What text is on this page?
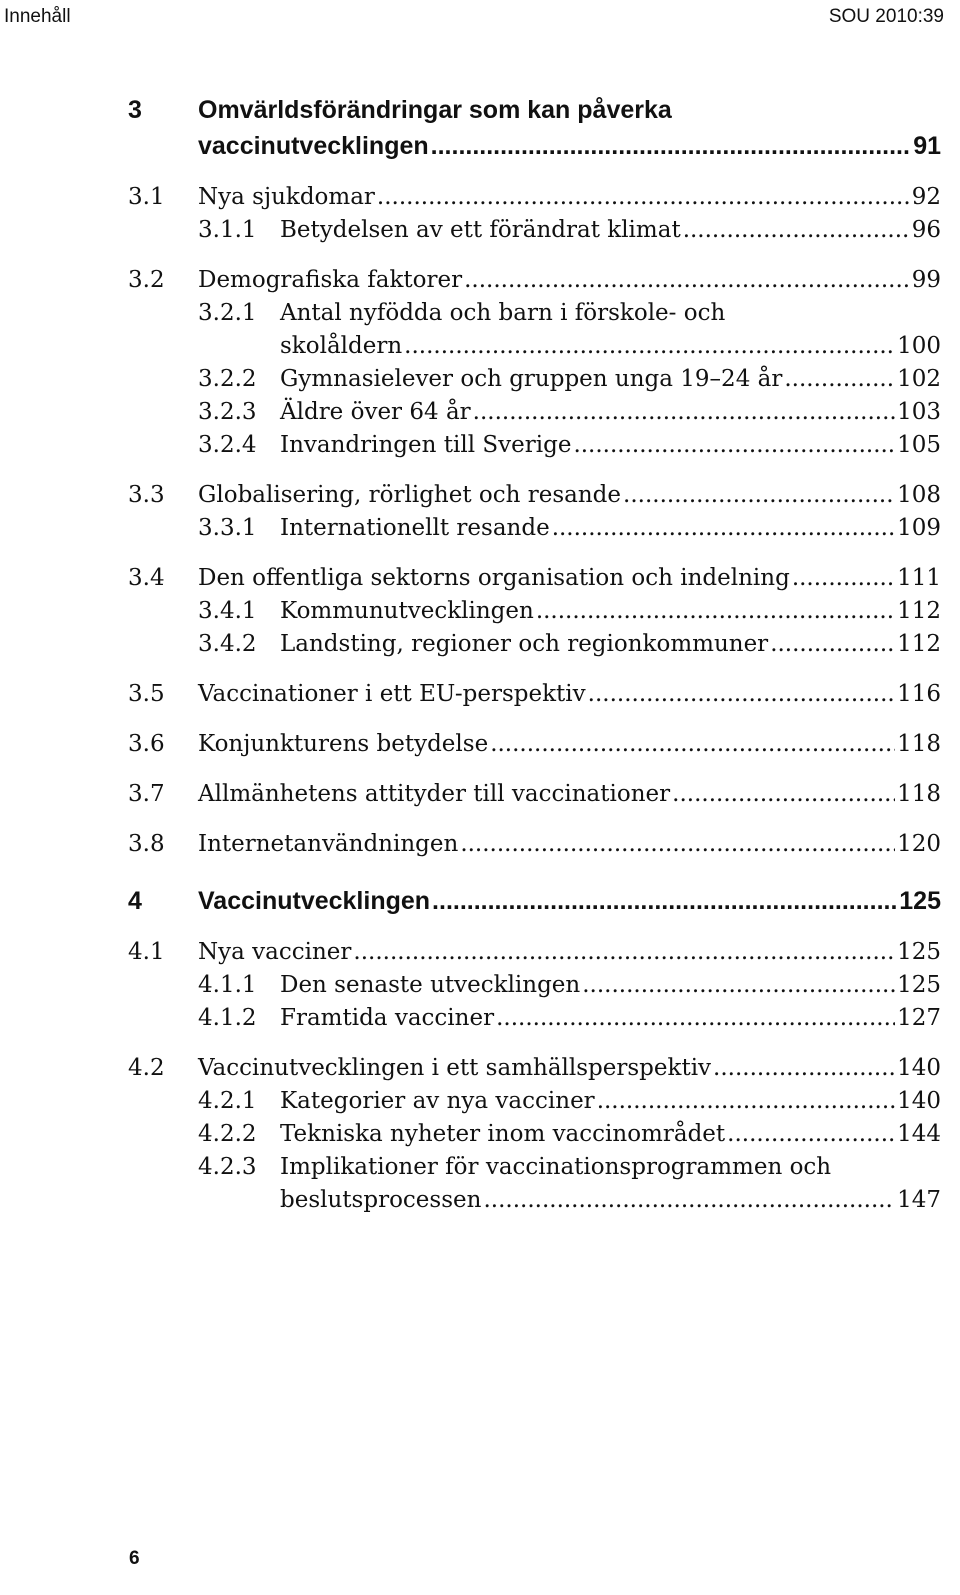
Innehåll	SOU 2010:39
3 Omvärldsförändringar som kan påverka
vaccinutvecklingen .....	91
3.1 Nya sjukdomar .....	92
3.1.1 Betydelsen av ett förändrat klimat .....	96
3.2 Demografiska faktorer .....	99
3.2.1 Antal nyfödda och barn i förskole- och
skolåldern .....	100
3.2.2 Gymnasielever och gruppen unga 19–24 år .....	102
3.2.3 Äldre över 64 år .....	103
3.2.4 Invandringen till Sverige .....	105
3.3 Globalisering, rörlighet och resande .....	108
3.3.1 Internationellt resande .....	109
3.4 Den offentliga sektorns organisation och indelning .....	111
3.4.1 Kommunutvecklingen .....	112
3.4.2 Landsting, regioner och regionkommuner .....	112
3.5 Vaccinationer i ett EU-perspektiv .....	116
3.6 Konjunkturens betydelse .....	118
3.7 Allmänhetens attityder till vaccinationer .....	118
3.8 Internetanvändningen .....	120
4 Vaccinutvecklingen .....	125
4.1 Nya vacciner .....	125
4.1.1 Den senaste utvecklingen .....	125
4.1.2 Framtida vacciner .....	127
4.2 Vaccinutvecklingen i ett samhällsperspektiv .....	140
4.2.1 Kategorier av nya vacciner .....	140
4.2.2 Tekniska nyheter inom vaccinområdet .....	144
4.2.3 Implikationer för vaccinationsprogrammen och
beslutsprocessen .....	147
6
